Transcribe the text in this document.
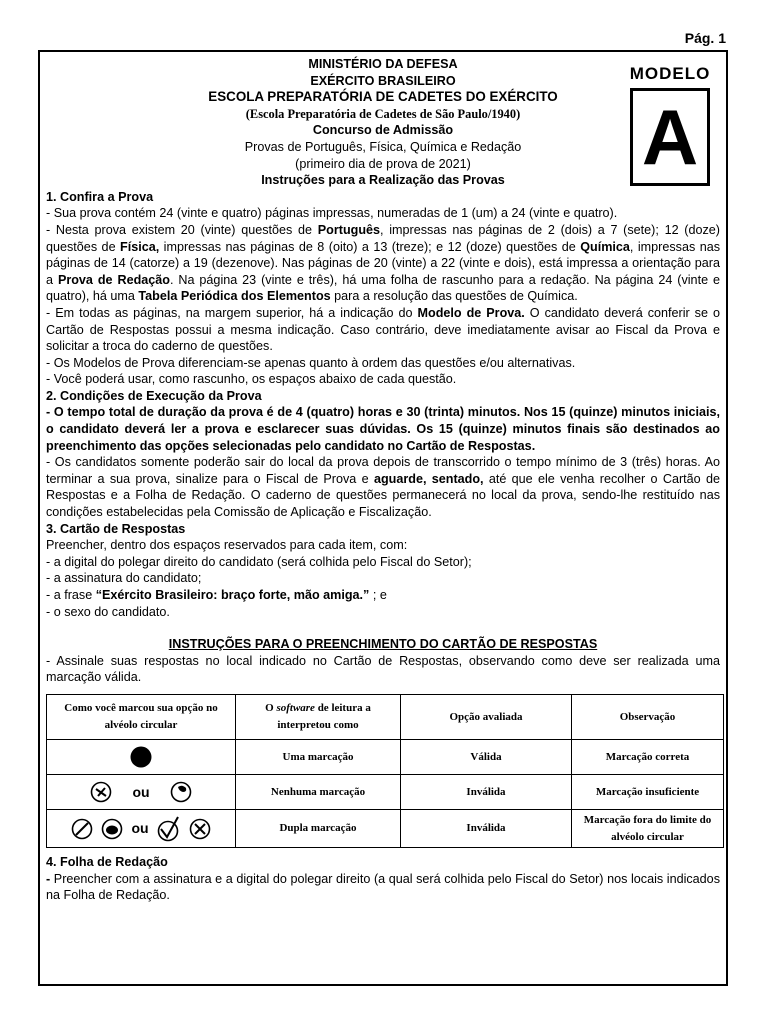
Pág. 1
MODELO
A
MINISTÉRIO DA DEFESA
EXÉRCITO BRASILEIRO
ESCOLA PREPARATÓRIA DE CADETES DO EXÉRCITO
(Escola Preparatória de Cadetes de São Paulo/1940)
Concurso de Admissão
Provas de Português, Física, Química e Redação
(primeiro dia de prova de 2021)
Instruções para a Realização das Provas
1. Confira a Prova

- Sua prova contém 24 (vinte e quatro) páginas impressas, numeradas de 1 (um) a 24 (vinte e quatro).

- Nesta prova existem 20 (vinte) questões de Português, impressas nas páginas de 2 (dois) a 7 (sete); 12 (doze) questões de Física, impressas nas páginas de 8 (oito) a 13 (treze); e 12 (doze) questões de Química, impressas nas páginas de 14 (catorze) a 19 (dezenove). Nas páginas de 20 (vinte) a 22 (vinte e dois), está impressa a orientação para a Prova de Redação. Na página 23 (vinte e três), há uma folha de rascunho para a redação. Na página 24 (vinte e quatro), há uma Tabela Periódica dos Elementos para a resolução das questões de Química.

- Em todas as páginas, na margem superior, há a indicação do Modelo de Prova. O candidato deverá conferir se o Cartão de Respostas possui a mesma indicação. Caso contrário, deve imediatamente avisar ao Fiscal da Prova e solicitar a troca do caderno de questões.

- Os Modelos de Prova diferenciam-se apenas quanto à ordem das questões e/ou alternativas.

- Você poderá usar, como rascunho, os espaços abaixo de cada questão.

2. Condições de Execução da Prova

- O tempo total de duração da prova é de 4 (quatro) horas e 30 (trinta) minutos. Nos 15 (quinze) minutos iniciais, o candidato deverá ler a prova e esclarecer suas dúvidas. Os 15 (quinze) minutos finais são destinados ao preenchimento das opções selecionadas pelo candidato no Cartão de Respostas.

- Os candidatos somente poderão sair do local da prova depois de transcorrido o tempo mínimo de 3 (três) horas. Ao terminar a sua prova, sinalize para o Fiscal de Prova e aguarde, sentado, até que ele venha recolher o Cartão de Respostas e a Folha de Redação. O caderno de questões permanecerá no local da prova, sendo-lhe restituído nas condições estabelecidas pela Comissão de Aplicação e Fiscalização.

3. Cartão de Respostas

Preencher, dentro dos espaços reservados para cada item, com:

- a digital do polegar direito do candidato (será colhida pelo Fiscal do Setor);

- a assinatura do candidato;

- a frase “Exército Brasileiro: braço forte, mão amiga.” ; e

- o sexo do candidato.

INSTRUÇÕES PARA O PREENCHIMENTO DO CARTÃO DE RESPOSTAS

- Assinale suas respostas no local indicado no Cartão de Respostas, observando como deve ser realizada uma marcação válida.

Como você marcou sua opção no alvéolo circular	O software de leitura a interpretou como	Opção avaliada	Observação

	Uma marcação	Válida	Marcação correta

ou	Nenhuma marcação	Inválida	Marcação insuficiente

ou	Dupla marcação	Inválida	Marcação fora do limite do alvéolo circular
4. Folha de Redação

- Preencher com a assinatura e a digital do polegar direito (a qual será colhida pelo Fiscal do Setor) nos locais indicados na Folha de Redação.
